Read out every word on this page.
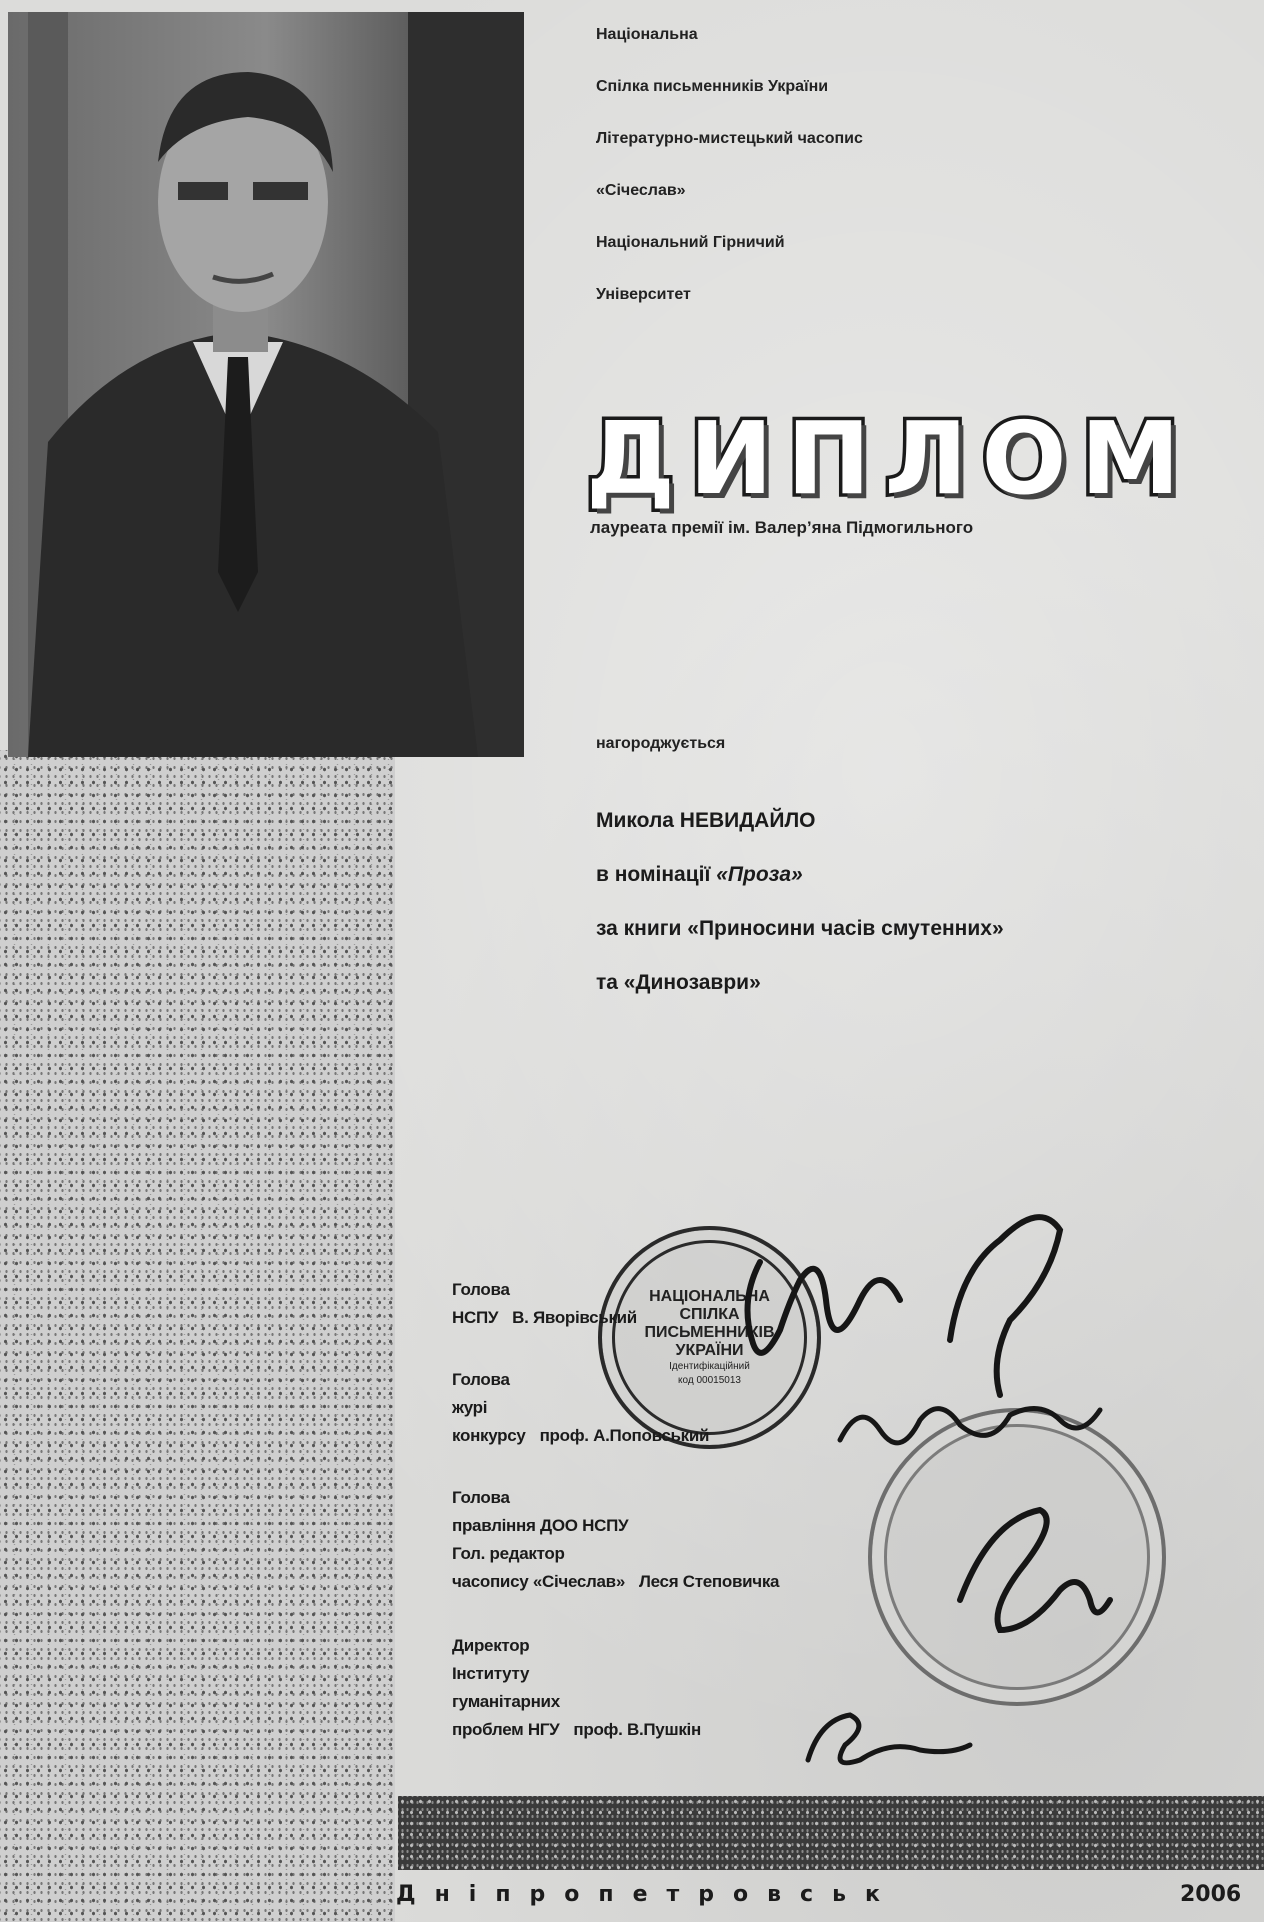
Національна
Спілка письменників України
Літературно-мистецький часопис
«Січеслав»
Національний Гірничий
Університет
ДИПЛОМ
лауреата премії ім. Валер’яна Підмогильного
нагороджується
Микола НЕВИДАЙЛО
в номінації «Проза»
за книги «Приносини часів смутенних»
та «Динозаври»
НАЦІОНАЛЬНА
СПІЛКА
ПИСЬМЕННИКІВ
УКРАЇНИ
Ідентифікаційний
код 00015013
Голова
НСПУ В. Яворівський
Голова
журі
конкурсу проф. А.Поповський
Голова
правління ДОО НСПУ
Гол. редактор
часопису «Січеслав» Леся Степовичка
Директор
Інституту
гуманітарних
проблем НГУ проф. В.Пушкін
Дніпропетровськ	2006
